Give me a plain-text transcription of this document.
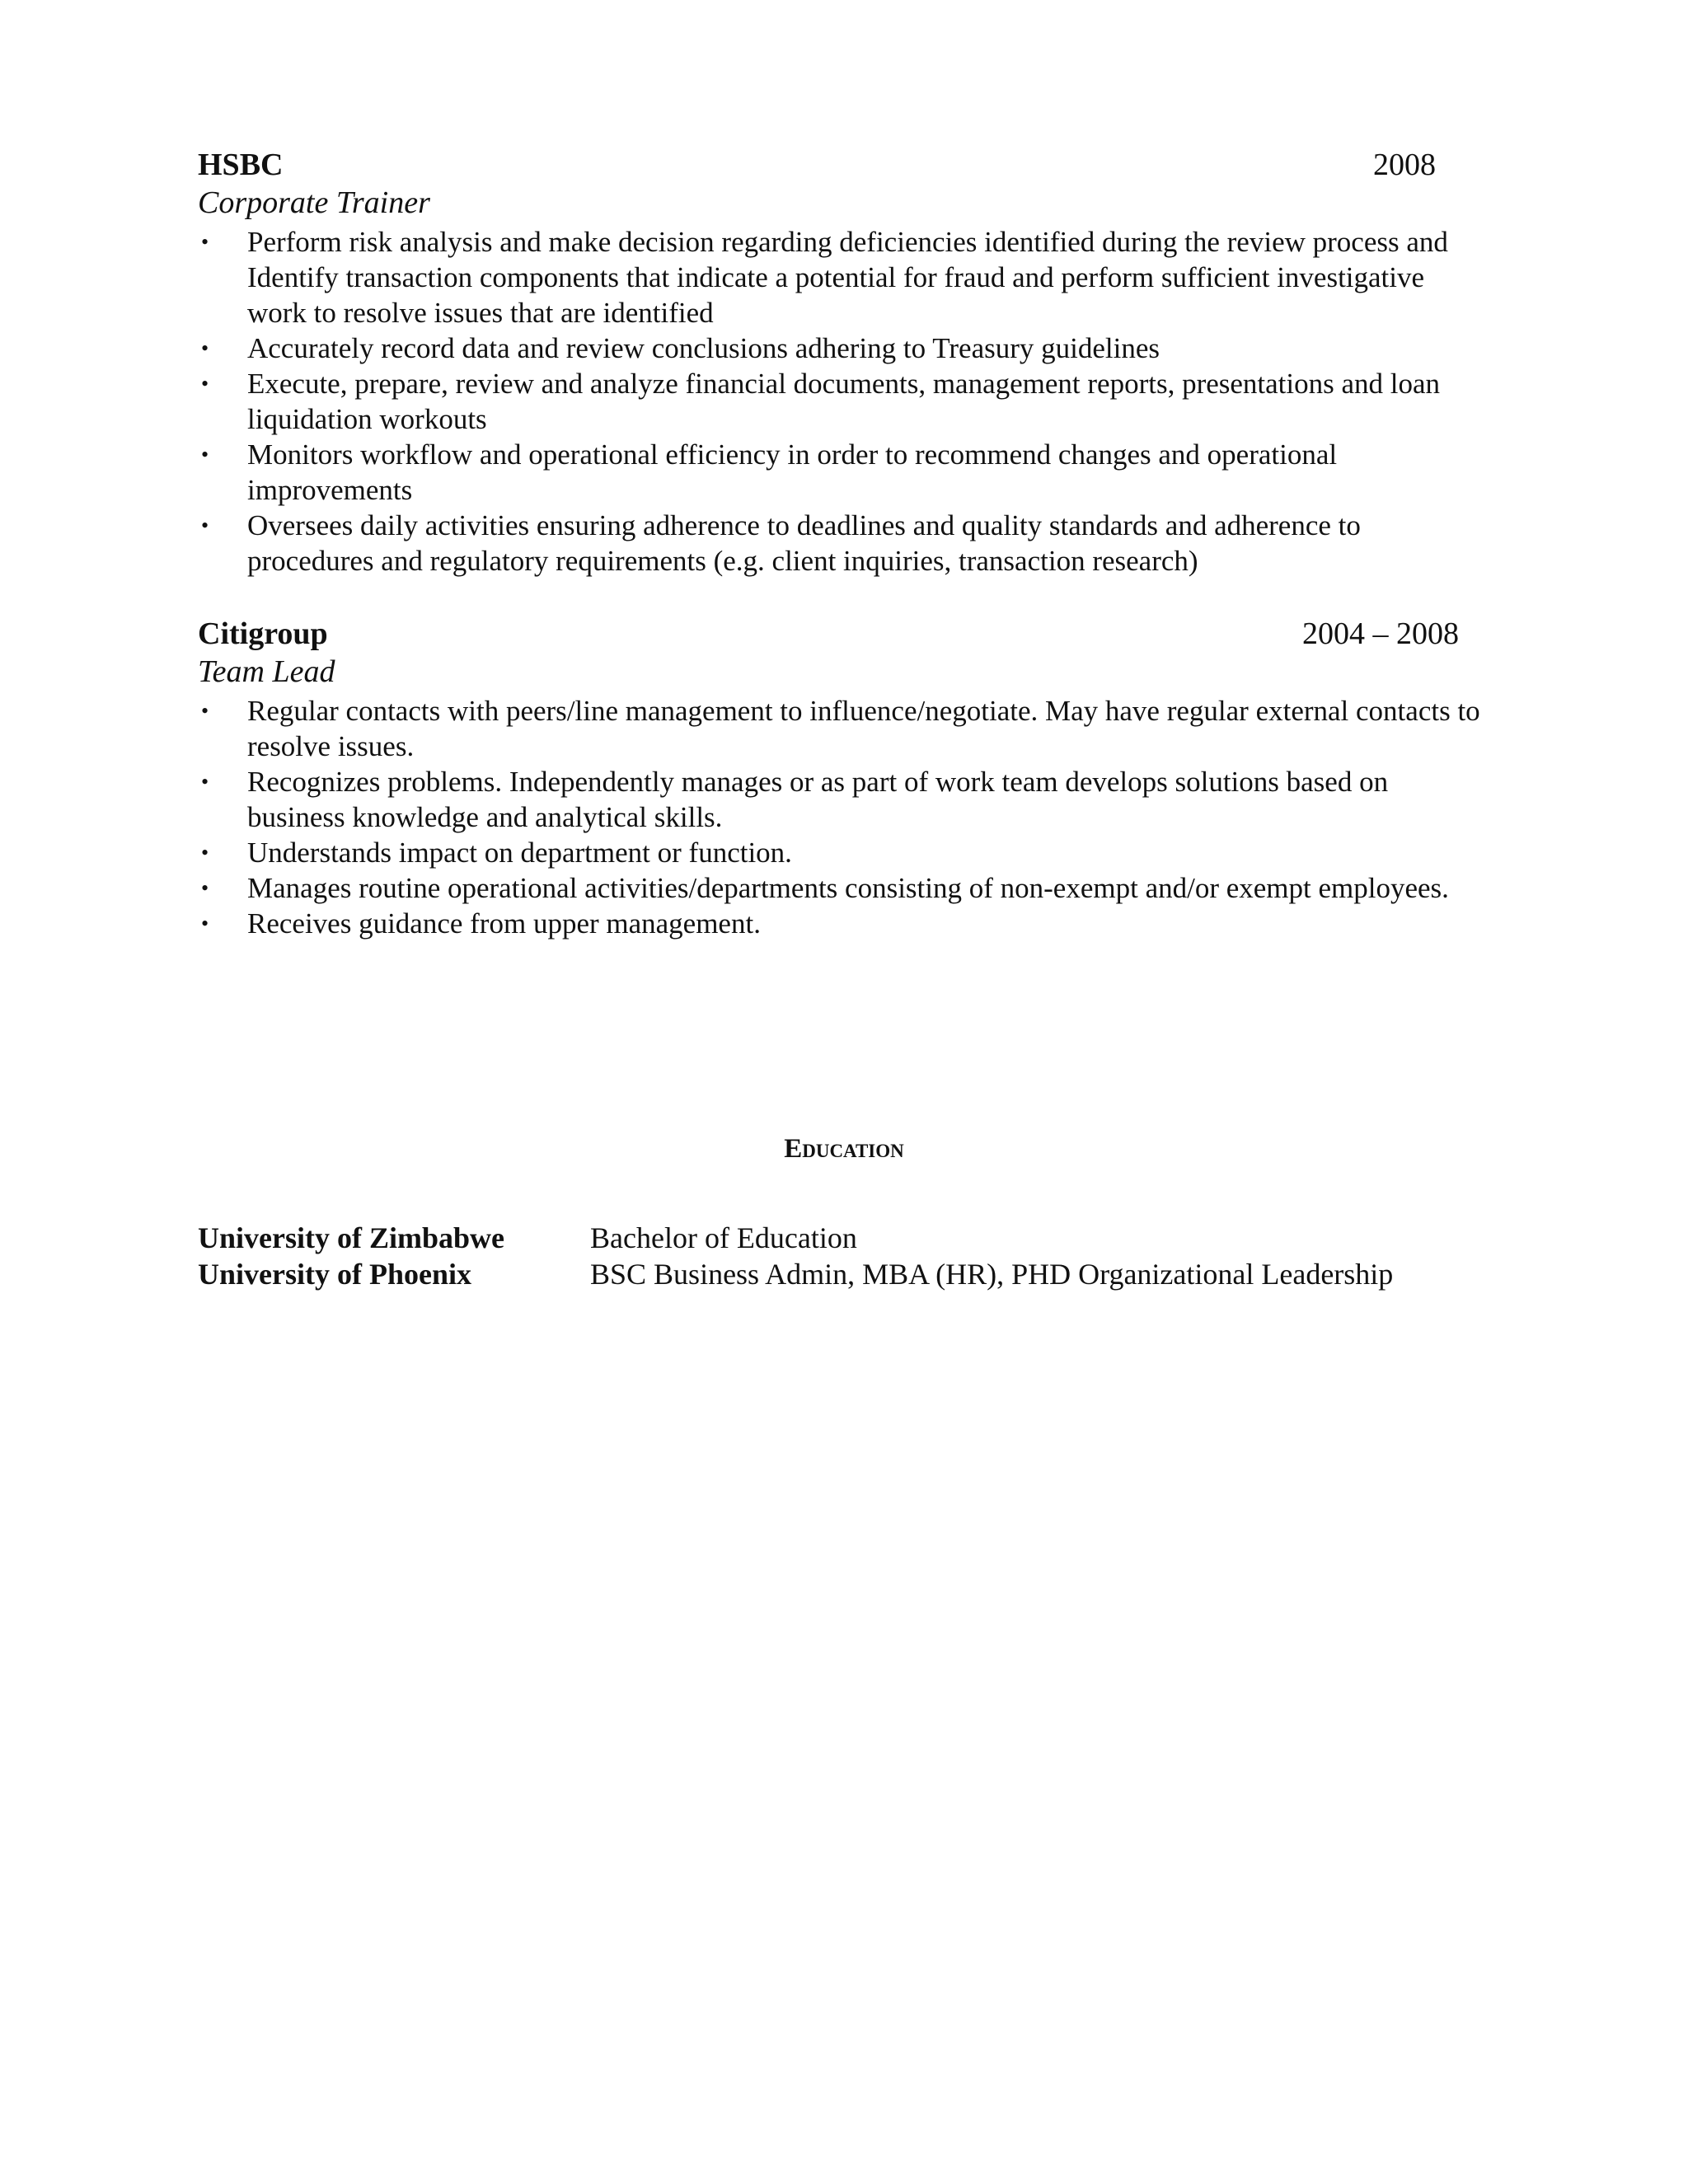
HSBC	2008
Corporate Trainer
• Perform risk analysis and make decision regarding deficiencies identified during the review process and Identify transaction components that indicate a potential for fraud and perform sufficient investigative work to resolve issues that are identified
• Accurately record data and review conclusions adhering to Treasury guidelines
• Execute, prepare, review and analyze financial documents, management reports, presentations and loan liquidation workouts
• Monitors workflow and operational efficiency in order to recommend changes and operational improvements
• Oversees daily activities ensuring adherence to deadlines and quality standards and adherence to procedures and regulatory requirements (e.g. client inquiries, transaction research)
Citigroup	2004 – 2008
Team Lead
• Regular contacts with peers/line management to influence/negotiate. May have regular external contacts to resolve issues.
• Recognizes problems. Independently manages or as part of work team develops solutions based on business knowledge and analytical skills.
• Understands impact on department or function.
• Manages routine operational activities/departments consisting of non-exempt and/or exempt employees.
• Receives guidance from upper management.
Education
University of Zimbabwe	Bachelor of Education
University of Phoenix	BSC Business Admin, MBA (HR), PHD Organizational Leadership
